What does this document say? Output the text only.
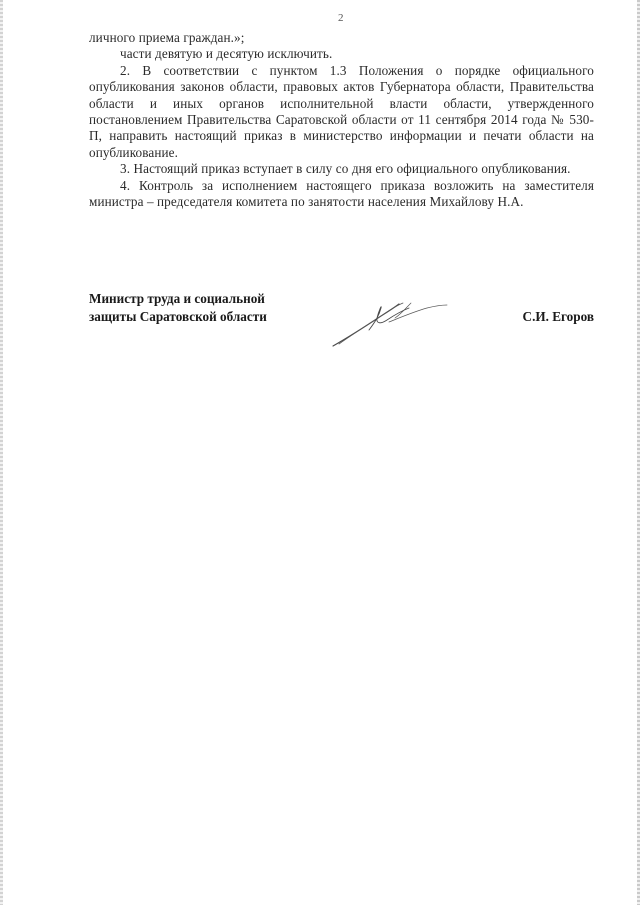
2

личного приема граждан.»;

части девятую и десятую исключить.

2. В соответствии с пунктом 1.3 Положения о порядке официального опубликования законов области, правовых актов Губернатора области, Правительства области и иных органов исполнительной власти области, утвержденного постановлением Правительства Саратовской области от 11 сентября 2014 года № 530-П, направить настоящий приказ в министерство информации и печати области на опубликование.

3. Настоящий приказ вступает в силу со дня его официального опубликования.

4. Контроль за исполнением настоящего приказа возложить на заместителя министра – председателя комитета по занятости населения Михайлову Н.А.

Министр труда и социальной
защиты Саратовской области	С.И. Егоров
